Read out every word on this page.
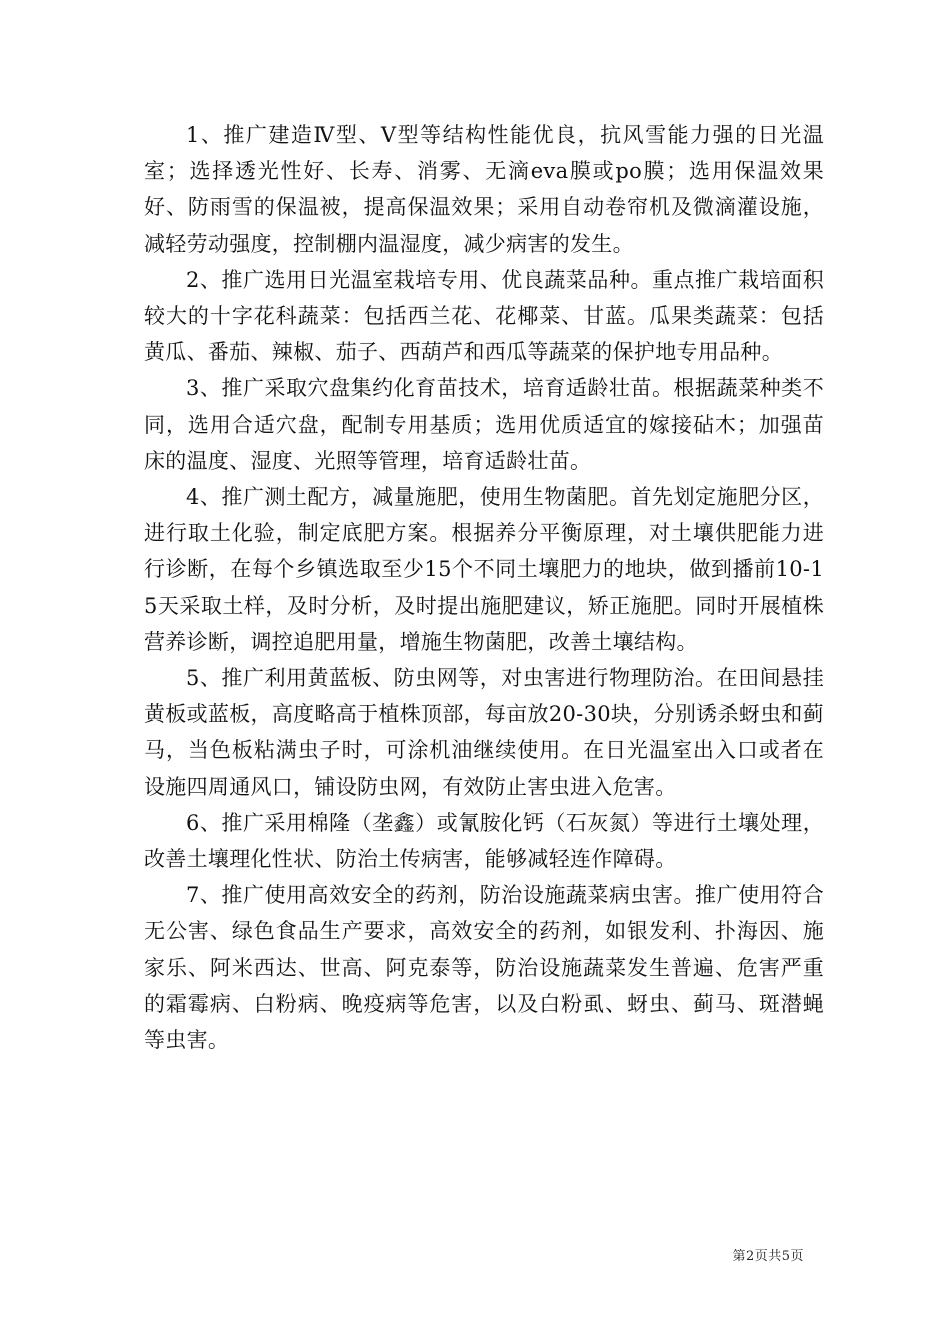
1、推广建造Ⅳ型、Ⅴ型等结构性能优良，抗风雪能力强的日光温室；选择透光性好、长寿、消雾、无滴eva膜或po膜；选用保温效果好、防雨雪的保温被，提高保温效果；采用自动卷帘机及微滴灌设施，减轻劳动强度，控制棚内温湿度，减少病害的发生。

2、推广选用日光温室栽培专用、优良蔬菜品种。重点推广栽培面积较大的十字花科蔬菜：包括西兰花、花椰菜、甘蓝。瓜果类蔬菜：包括黄瓜、番茄、辣椒、茄子、西葫芦和西瓜等蔬菜的保护地专用品种。

3、推广采取穴盘集约化育苗技术，培育适龄壮苗。根据蔬菜种类不同，选用合适穴盘，配制专用基质；选用优质适宜的嫁接砧木；加强苗床的温度、湿度、光照等管理，培育适龄壮苗。

4、推广测土配方，减量施肥，使用生物菌肥。首先划定施肥分区，进行取土化验，制定底肥方案。根据养分平衡原理，对土壤供肥能力进行诊断，在每个乡镇选取至少15个不同土壤肥力的地块，做到播前10-15天采取土样，及时分析，及时提出施肥建议，矫正施肥。同时开展植株营养诊断，调控追肥用量，增施生物菌肥，改善土壤结构。

5、推广利用黄蓝板、防虫网等，对虫害进行物理防治。在田间悬挂黄板或蓝板，高度略高于植株顶部，每亩放20-30块，分别诱杀蚜虫和蓟马，当色板粘满虫子时，可涂机油继续使用。在日光温室出入口或者在设施四周通风口，铺设防虫网，有效防止害虫进入危害。

6、推广采用棉隆（垄鑫）或氰胺化钙（石灰氮）等进行土壤处理，改善土壤理化性状、防治土传病害，能够减轻连作障碍。

7、推广使用高效安全的药剂，防治设施蔬菜病虫害。推广使用符合无公害、绿色食品生产要求，高效安全的药剂，如银发利、扑海因、施家乐、阿米西达、世高、阿克泰等，防治设施蔬菜发生普遍、危害严重的霜霉病、白粉病、晚疫病等危害，以及白粉虱、蚜虫、蓟马、斑潜蝇等虫害。

第2页共5页
